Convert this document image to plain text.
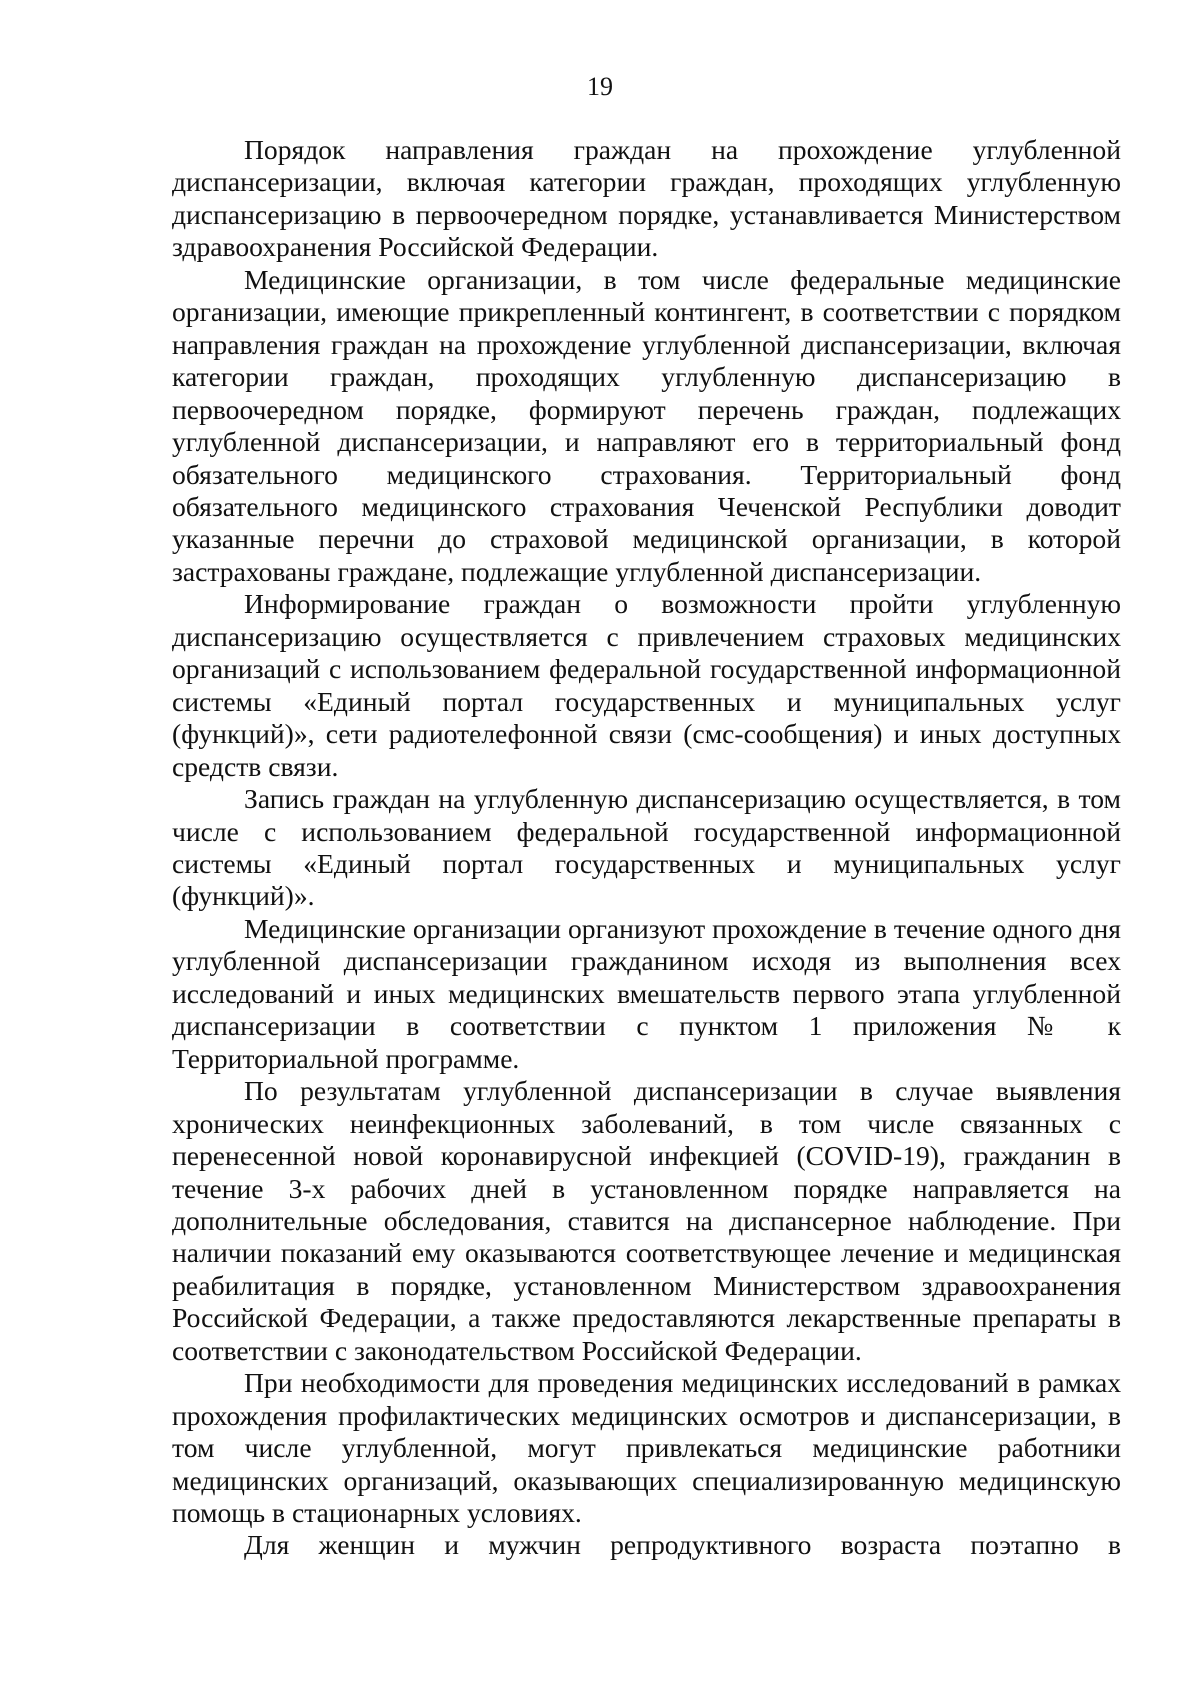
19

Порядок направления граждан на прохождение углубленной диспансеризации, включая категории граждан, проходящих углубленную диспансеризацию в первоочередном порядке, устанавливается Министерством здравоохранения Российской Федерации.

Медицинские организации, в том числе федеральные медицинские организации, имеющие прикрепленный контингент, в соответствии с порядком направления граждан на прохождение углубленной диспансеризации, включая категории граждан, проходящих углубленную диспансеризацию в первоочередном порядке, формируют перечень граждан, подлежащих углубленной диспансеризации, и направляют его в территориальный фонд обязательного медицинского страхования. Территориальный фонд обязательного медицинского страхования Чеченской Республики доводит указанные перечни до страховой медицинской организации, в которой застрахованы граждане, подлежащие углубленной диспансеризации.

Информирование граждан о возможности пройти углубленную диспансеризацию осуществляется с привлечением страховых медицинских организаций с использованием федеральной государственной информационной системы «Единый портал государственных и муниципальных услуг (функций)», сети радиотелефонной связи (смс-сообщения) и иных доступных средств связи.

Запись граждан на углубленную диспансеризацию осуществляется, в том числе с использованием федеральной государственной информационной системы «Единый портал государственных и муниципальных услуг (функций)».

Медицинские организации организуют прохождение в течение одного дня углубленной диспансеризации гражданином исходя из выполнения всех исследований и иных медицинских вмешательств первого этапа углубленной диспансеризации в соответствии с пунктом 1 приложения № к Территориальной программе.

По результатам углубленной диспансеризации в случае выявления хронических неинфекционных заболеваний, в том числе связанных с перенесенной новой коронавирусной инфекцией (COVID-19), гражданин в течение 3-х рабочих дней в установленном порядке направляется на дополнительные обследования, ставится на диспансерное наблюдение. При наличии показаний ему оказываются соответствующее лечение и медицинская реабилитация в порядке, установленном Министерством здравоохранения Российской Федерации, а также предоставляются лекарственные препараты в соответствии с законодательством Российской Федерации.

При необходимости для проведения медицинских исследований в рамках прохождения профилактических медицинских осмотров и диспансеризации, в том числе углубленной, могут привлекаться медицинские работники медицинских организаций, оказывающих специализированную медицинскую помощь в стационарных условиях.

Для женщин и мужчин репродуктивного возраста поэтапно в
